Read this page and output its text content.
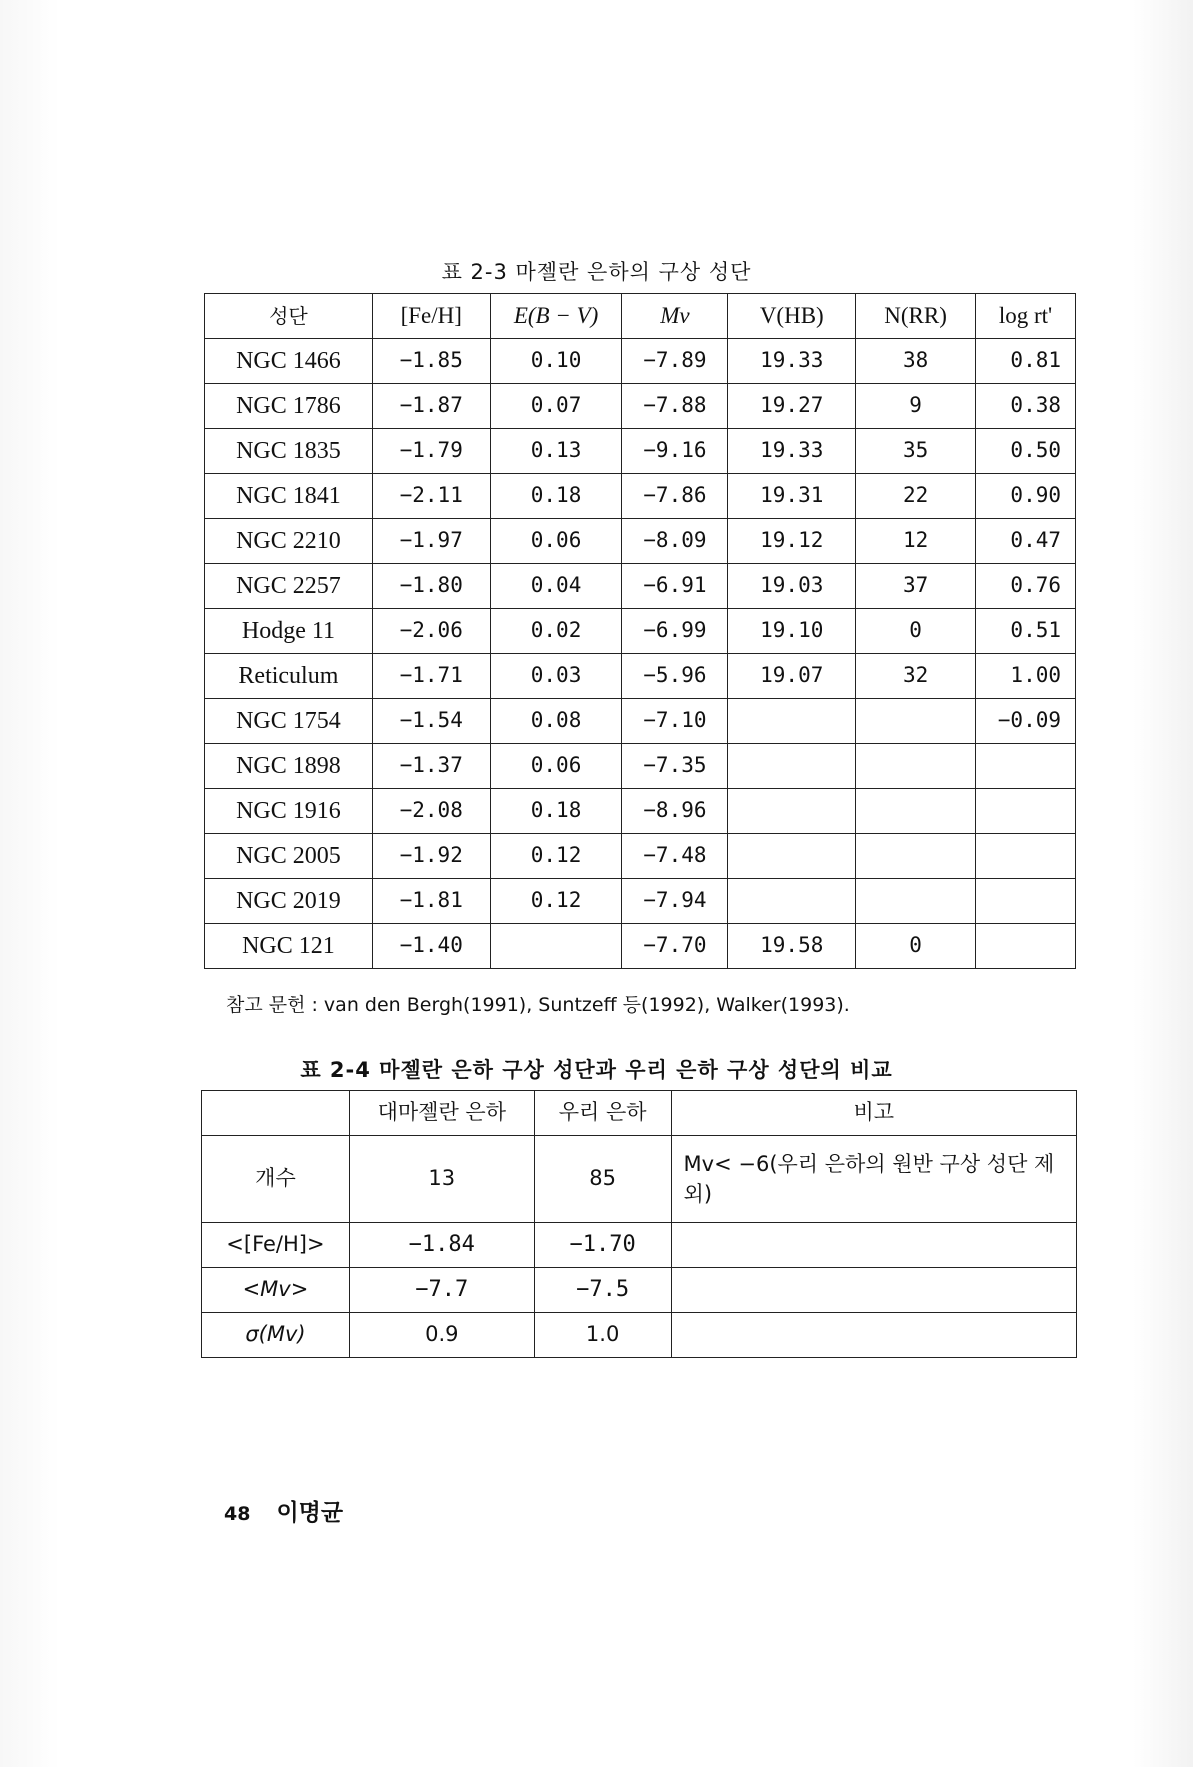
표 2-3 마젤란 은하의 구상 성단
성단	[Fe/H]	E(B − V)	Mv	V(HB)	N(RR)	log rt'
NGC 1466	−1.85	0.10	−7.89	19.33	38	0.81
NGC 1786	−1.87	0.07	−7.88	19.27	9	0.38
NGC 1835	−1.79	0.13	−9.16	19.33	35	0.50
NGC 1841	−2.11	0.18	−7.86	19.31	22	0.90
NGC 2210	−1.97	0.06	−8.09	19.12	12	0.47
NGC 2257	−1.80	0.04	−6.91	19.03	37	0.76
Hodge 11	−2.06	0.02	−6.99	19.10	0	0.51
Reticulum	−1.71	0.03	−5.96	19.07	32	1.00
NGC 1754	−1.54	0.08	−7.10			−0.09
NGC 1898	−1.37	0.06	−7.35			
NGC 1916	−2.08	0.18	−8.96			
NGC 2005	−1.92	0.12	−7.48			
NGC 2019	−1.81	0.12	−7.94			
NGC 121	−1.40		−7.70	19.58	0	
참고 문헌 : van den Bergh(1991), Suntzeff 등(1992), Walker(1993).
표 2-4 마젤란 은하 구상 성단과 우리 은하 구상 성단의 비교
	대마젤란 은하	우리 은하	비고
개수	13	85	Mv< −6(우리 은하의 원반 구상 성단 제외)
<[Fe/H]>	−1.84	−1.70	
<Mv>	−7.7	−7.5	
σ(Mv)	0.9	1.0	
48 이명균
